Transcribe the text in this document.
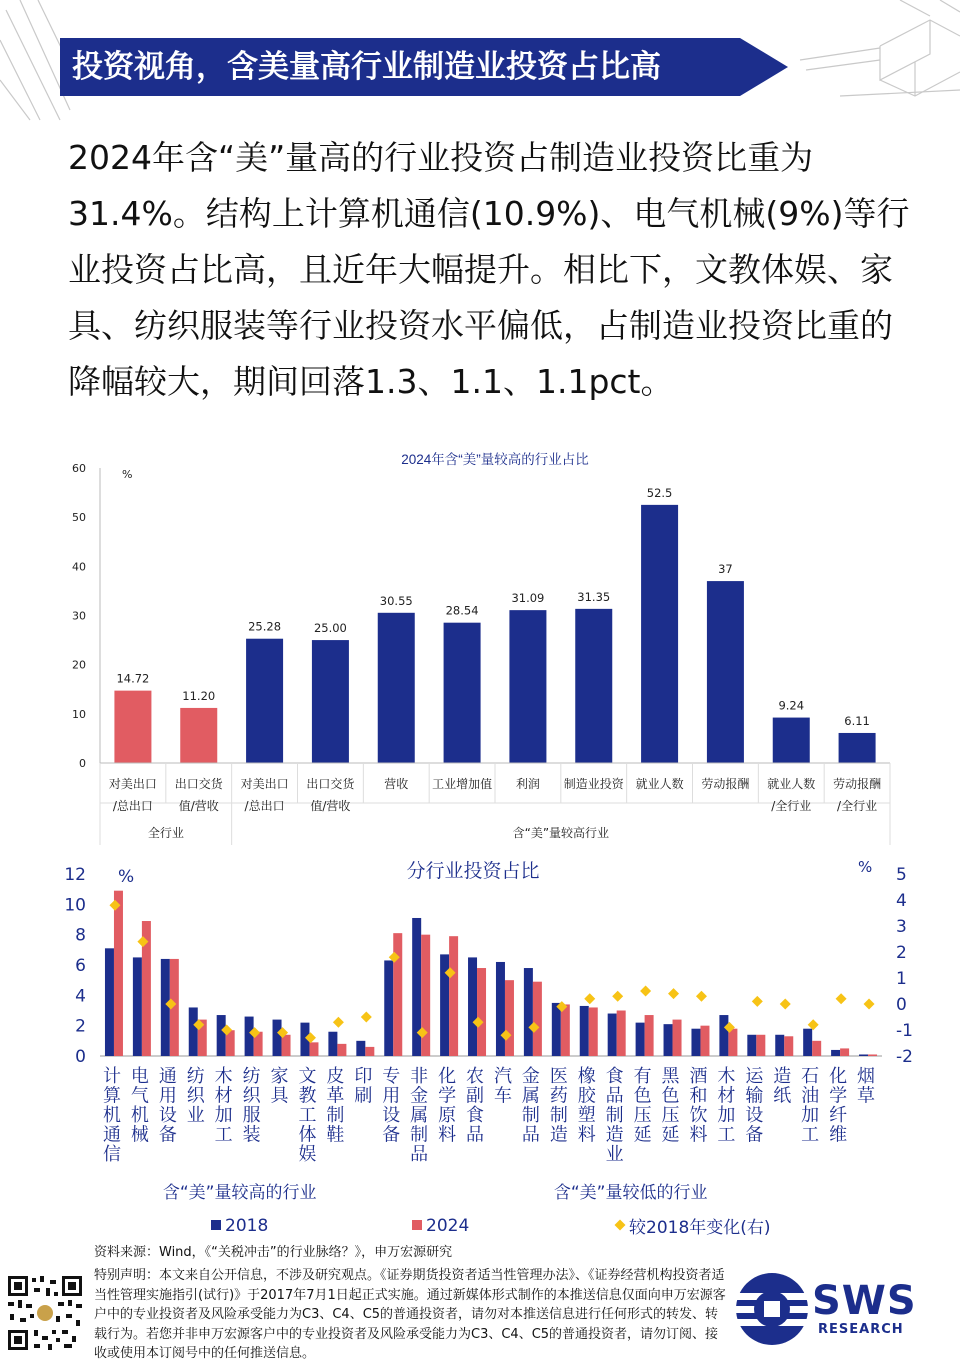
投资视角，含美量高行业制造业投资占比高

2024年含“美”量高的行业投资占制造业投资比重为31.4%。结构上计算机通信(10.9%)、电气机械(9%)等行业投资占比高，且近年大幅提升。相比下，文教体娱、家具、纺织服装等行业投资水平偏低，占制造业投资比重的降幅较大，期间回落1.3、1.1、1.1pct。

2024年含“美”量较高的行业占比
%
0
10
20
30
40
50
60
14.72
11.20
25.28	25.00
30.55
28.54
31.09	31.35
52.5
37
9.24
6.11
对美出口
/总出口
出口交货
值/营收
对美出口
/总出口
出口交货
值/营收
营收 工业增加值 利润 制造业投资 就业人数 劳动报酬 就业人数
/全行业
劳动报酬
/全行业
全行业	含“美”量较高行业
分行业投资占比
%	%
0
2
4
6
8
10
12
-2
-1
0
1
2
3
4
5
计
算
机
通
信
电
气
机
械
通
用
设
备
纺
织
业
木
材
加
工
纺
织
服
装
家
具
文
教
工
体
娱
皮
革
制
鞋
印
刷
专
用
设
备
非
金
属
制
品
化
学
原
料
农
副
食
品
汽
车
金
属
制
品
医
药
制
造
橡
胶
塑
料
食
品
制
造
业
有
色
压
延
黑
色
压
延
酒
和
饮
料
木
材
加
工
运
输
设
备
造
纸
石
油
加
工
化
学
纤
维
烟
草
含“美”量较高的行业	含“美”量较低的行业
2018	2024	较2018年变化(右)
资料来源：Wind，《“关税冲击”的行业脉络？》，申万宏源研究

特别声明：本文来自公开信息，不涉及研究观点。《证券期货投资者适当性管理办法》、《证券经营机构投资者适当性管理实施指引(试行)》于2017年7月1日起正式实施。通过新媒体形式制作的本推送信息仅面向申万宏源客户中的专业投资者及风险承受能力为C3、C4、C5的普通投资者，请勿对本推送信息进行任何形式的转发、转载行为。若您并非申万宏源客户中的专业投资者及风险承受能力为C3、C4、C5的普通投资者，请勿订阅、接收或使用本订阅号中的任何推送信息。

SWS
RESEARCH
